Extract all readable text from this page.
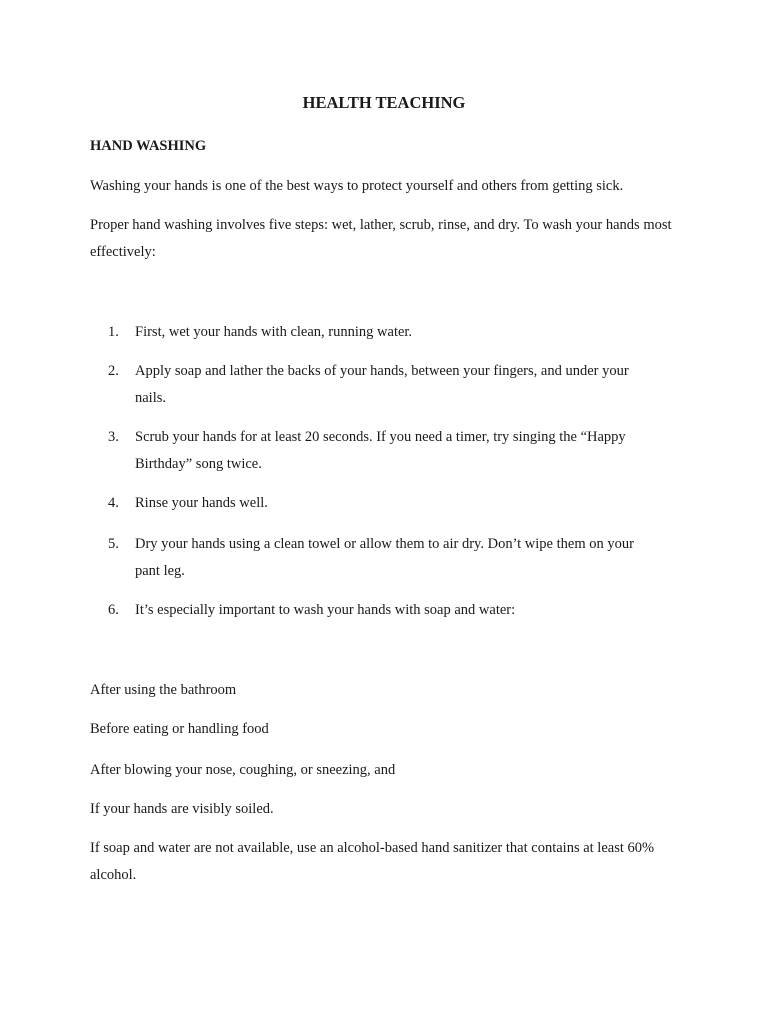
HEALTH TEACHING
HAND WASHING

Washing your hands is one of the best ways to protect yourself and others from getting sick.

Proper hand washing involves five steps: wet, lather, scrub, rinse, and dry. To wash your hands most effectively:

1.	First, wet your hands with clean, running water.
2.	Apply soap and lather the backs of your hands, between your fingers, and under your nails.
3.	Scrub your hands for at least 20 seconds. If you need a timer, try singing the “Happy Birthday” song twice.
4.	Rinse your hands well.
5.	Dry your hands using a clean towel or allow them to air dry. Don’t wipe them on your pant leg.
6.	It’s especially important to wash your hands with soap and water:

After using the bathroom

Before eating or handling food

After blowing your nose, coughing, or sneezing, and

If your hands are visibly soiled.

If soap and water are not available, use an alcohol-based hand sanitizer that contains at least 60% alcohol.
